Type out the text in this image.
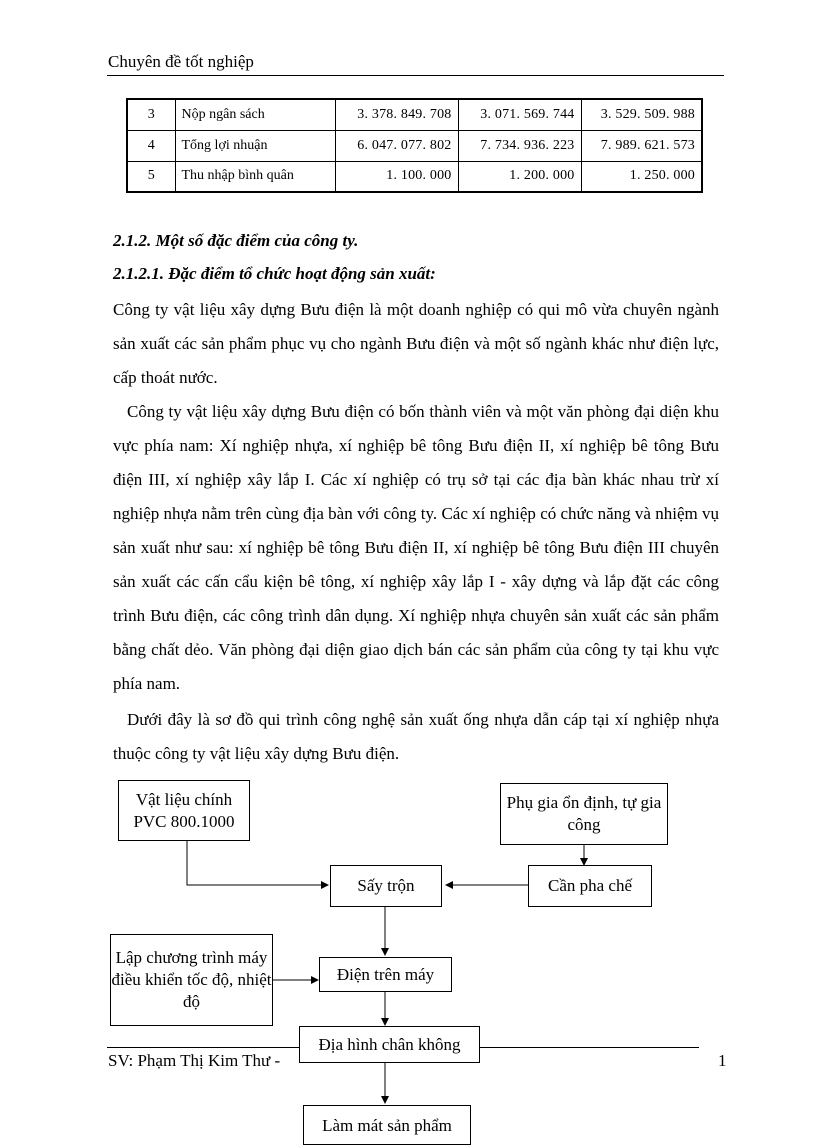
Chuyên đề tốt nghiệp
3	Nộp ngân sách	3. 378. 849. 708	3. 071. 569. 744	3. 529. 509. 988
4	Tổng lợi nhuận	6. 047. 077. 802	7. 734. 936. 223	7. 989. 621. 573
5	Thu nhập bình quân	1. 100. 000	1. 200. 000	1. 250. 000
2.1.2. Một số đặc điểm của công ty.
2.1.2.1. Đặc điểm tổ chức hoạt động sản xuất:

Công ty vật liệu xây dựng Bưu điện là một doanh nghiệp có qui mô vừa chuyên ngành sản xuất các sản phẩm phục vụ cho ngành Bưu điện và một số ngành khác như điện lực, cấp thoát nước.

Công ty vật liệu xây dựng Bưu điện có bốn thành viên và một văn phòng đại diện khu vực phía nam: Xí nghiệp nhựa, xí nghiệp bê tông Bưu điện II, xí nghiệp bê tông Bưu điện III, xí nghiệp xây lắp I. Các xí nghiệp có trụ sở tại các địa bàn khác nhau trừ xí nghiệp nhựa nằm trên cùng địa bàn với công ty. Các xí nghiệp có chức năng và nhiệm vụ sản xuất như sau: xí nghiệp bê tông Bưu điện II, xí nghiệp bê tông Bưu điện III chuyên sản xuất các cấn cẩu kiện bê tông, xí nghiệp xây lắp I - xây dựng và lắp đặt các công trình Bưu điện, các công trình dân dụng. Xí nghiệp nhựa chuyên sản xuất các sản phẩm bằng chất dẻo. Văn phòng đại diện giao dịch bán các sản phẩm của công ty tại khu vực phía nam.

Dưới đây là sơ đồ qui trình công nghệ sản xuất ống nhựa dẫn cáp tại xí nghiệp nhựa thuộc công ty vật liệu xây dựng Bưu điện.

SV: Phạm Thị Kim Thư -	1
Vật liệu chính PVC 800.1000
Phụ gia ổn định, tự gia công
Sấy trộn	Cần pha chế
Lập chương trình máy điều khiển tốc độ, nhiệt độ
Điện trên máy
Địa hình chân không
Làm mát sản phẩm
